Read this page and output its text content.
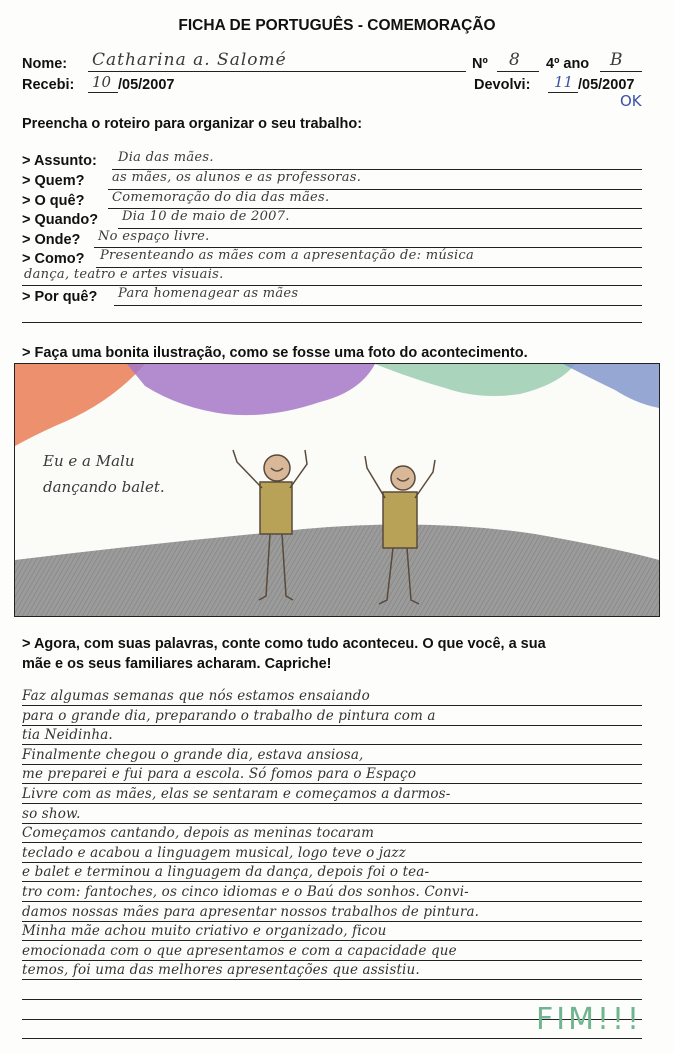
FICHA DE PORTUGUÊS - COMEMORAÇÃO
Nome: Catharina a. Salomé	Nº 8 4º ano B
Recebi: 10 /05/2007	Devolvi: 11 /05/2007
OK
Preencha o roteiro para organizar o seu trabalho:
> Assunto: Dia das mães.
> Quem? as mães, os alunos e as professoras.
> O quê? Comemoração do dia das mães.
> Quando? Dia 10 de maio de 2007.
> Onde? No espaço livre.
> Como? Presenteando as mães com a apresentação de: música
dança, teatro e artes visuais.
> Por quê? Para homenagear as mães
> Faça uma bonita ilustração, como se fosse uma foto do acontecimento.
Eu e a Malu
dançando balet.
> Agora, com suas palavras, conte como tudo aconteceu. O que você, a sua
mãe e os seus familiares acharam. Capriche!
Faz algumas semanas que nós estamos ensaiando
para o grande dia, preparando o trabalho de pintura com a
tia Neidinha.
Finalmente chegou o grande dia, estava ansiosa,
me preparei e fui para a escola. Só fomos para o Espaço
Livre com as mães, elas se sentaram e começamos a darmos-
so show.
Começamos cantando, depois as meninas tocaram
teclado e acabou a linguagem musical, logo teve o jazz
e balet e terminou a linguagem da dança, depois foi o tea-
tro com: fantoches, os cinco idiomas e o Baú dos sonhos. Convi-
damos nossas mães para apresentar nossos trabalhos de pintura.
Minha mãe achou muito criativo e organizado, ficou
emocionada com o que apresentamos e com a capacidade que
temos, foi uma das melhores apresentações que assistiu.
FIM!!!
